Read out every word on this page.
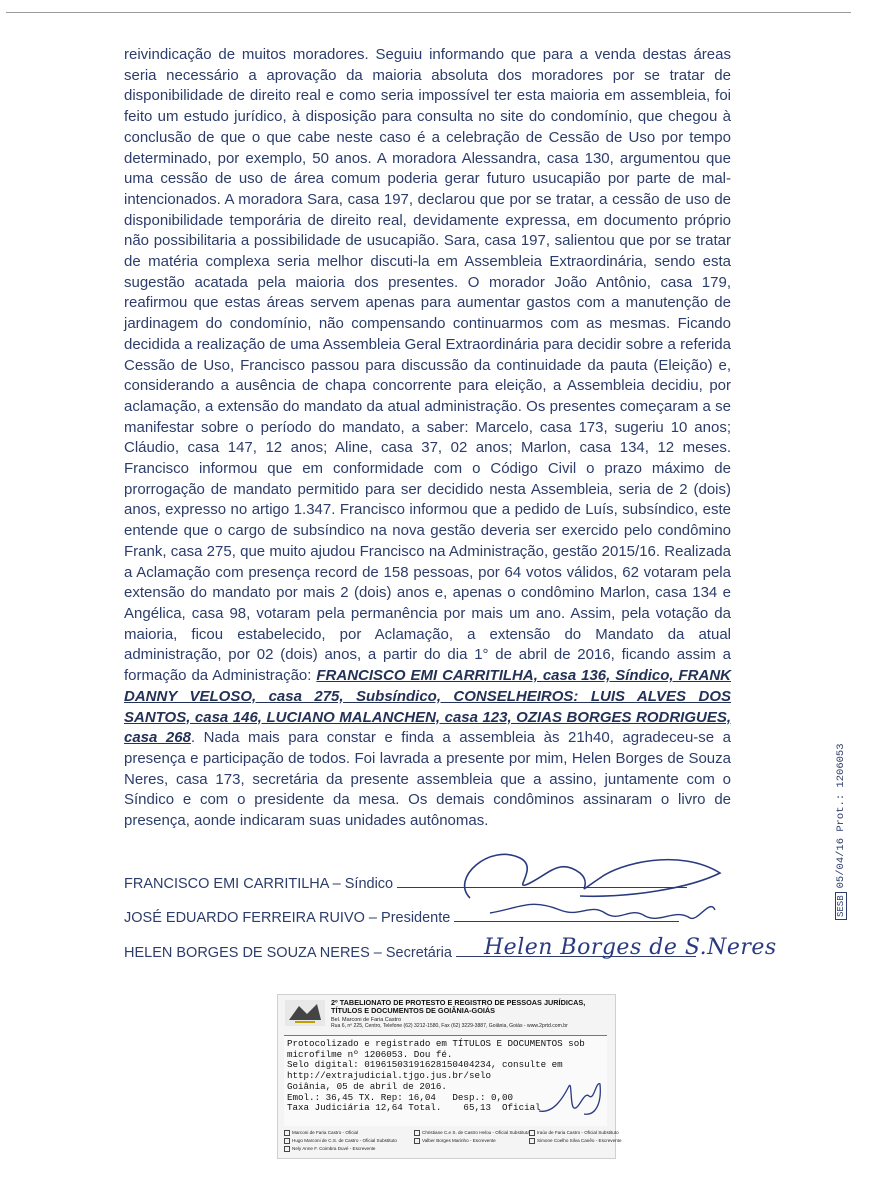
reivindicação de muitos moradores. Seguiu informando que para a venda destas áreas seria necessário a aprovação da maioria absoluta dos moradores por se tratar de disponibilidade de direito real e como seria impossível ter esta maioria em assembleia, foi feito um estudo jurídico, à disposição para consulta no site do condomínio, que chegou à conclusão de que o que cabe neste caso é a celebração de Cessão de Uso por tempo determinado, por exemplo, 50 anos. A moradora Alessandra, casa 130, argumentou que uma cessão de uso de área comum poderia gerar futuro usucapião por parte de mal-intencionados. A moradora Sara, casa 197, declarou que por se tratar, a cessão de uso de disponibilidade temporária de direito real, devidamente expressa, em documento próprio não possibilitaria a possibilidade de usucapião. Sara, casa 197, salientou que por se tratar de matéria complexa seria melhor discuti-la em Assembleia Extraordinária, sendo esta sugestão acatada pela maioria dos presentes. O morador João Antônio, casa 179, reafirmou que estas áreas servem apenas para aumentar gastos com a manutenção de jardinagem do condomínio, não compensando continuarmos com as mesmas. Ficando decidida a realização de uma Assembleia Geral Extraordinária para decidir sobre a referida Cessão de Uso, Francisco passou para discussão da continuidade da pauta (Eleição) e, considerando a ausência de chapa concorrente para eleição, a Assembleia decidiu, por aclamação, a extensão do mandato da atual administração. Os presentes começaram a se manifestar sobre o período do mandato, a saber: Marcelo, casa 173, sugeriu 10 anos; Cláudio, casa 147, 12 anos; Aline, casa 37, 02 anos; Marlon, casa 134, 12 meses. Francisco informou que em conformidade com o Código Civil o prazo máximo de prorrogação de mandato permitido para ser decidido nesta Assembleia, seria de 2 (dois) anos, expresso no artigo 1.347. Francisco informou que a pedido de Luís, subsíndico, este entende que o cargo de subsíndico na nova gestão deveria ser exercido pelo condômino Frank, casa 275, que muito ajudou Francisco na Administração, gestão 2015/16. Realizada a Aclamação com presença record de 158 pessoas, por 64 votos válidos, 62 votaram pela extensão do mandato por mais 2 (dois) anos e, apenas o condômino Marlon, casa 134 e Angélica, casa 98, votaram pela permanência por mais um ano. Assim, pela votação da maioria, ficou estabelecido, por Aclamação, a extensão do Mandato da atual administração, por 02 (dois) anos, a partir do dia 1° de abril de 2016, ficando assim a formação da Administração: FRANCISCO EMI CARRITILHA, casa 136, Síndico, FRANK DANNY VELOSO, casa 275, Subsíndico, CONSELHEIROS: LUIS ALVES DOS SANTOS, casa 146, LUCIANO MALANCHEN, casa 123, OZIAS BORGES RODRIGUES, casa 268. Nada mais para constar e finda a assembleia às 21h40, agradeceu-se a presença e participação de todos. Foi lavrada a presente por mim, Helen Borges de Souza Neres, casa 173, secretária da presente assembleia que a assino, juntamente com o Síndico e com o presidente da mesa. Os demais condôminos assinaram o livro de presença, aonde indicaram suas unidades autônomas.

FRANCISCO EMI CARRITILHA – Síndico
JOSÉ EDUARDO FERREIRA RUIVO – Presidente
HELEN BORGES DE SOUZA NERES – Secretária	Helen Borges de S.Neres
SESB05/04/16 Prot.: 1206053
2º TABELIONATO DE PROTESTO E REGISTRO DE PESSOAS JURÍDICAS, TÍTULOS E DOCUMENTOS DE GOIÂNIA-GOIÁS
Bel. Marconi de Faria Castro
Rua 6, nº 225, Centro, Telefone (62) 3212-1580, Fax (62) 3229-3887, Goiânia, Goiás - www.2prtd.com.br
Protocolizado e registrado em TÍTULOS E DOCUMENTOS sob
microfilme nº 1206053. Dou fé.
Selo digital: 01961503191628150404234, consulte em
http://extrajudicial.tjgo.jus.br/selo
Goiânia, 05 de abril de 2016.
Emol.: 36,45 TX. Rep: 16,04   Desp.: 0,00
Taxa Judiciária 12,64 Total.    65,13  Oficial
Marconi de Faria Castro - Oficial	Christiane C.e S. de Castro Helou - Oficial Substituta	Iraúx de Faria Castro - Oficial Substituto
Hugo Marconi de C.S. de Castro - Oficial Substituto	Valber Borges Marinho - Escrevente	Simone Coelho Silva Canêo - Escrevente
Nely Anne F. Coimbra Duvé - Escrevente
